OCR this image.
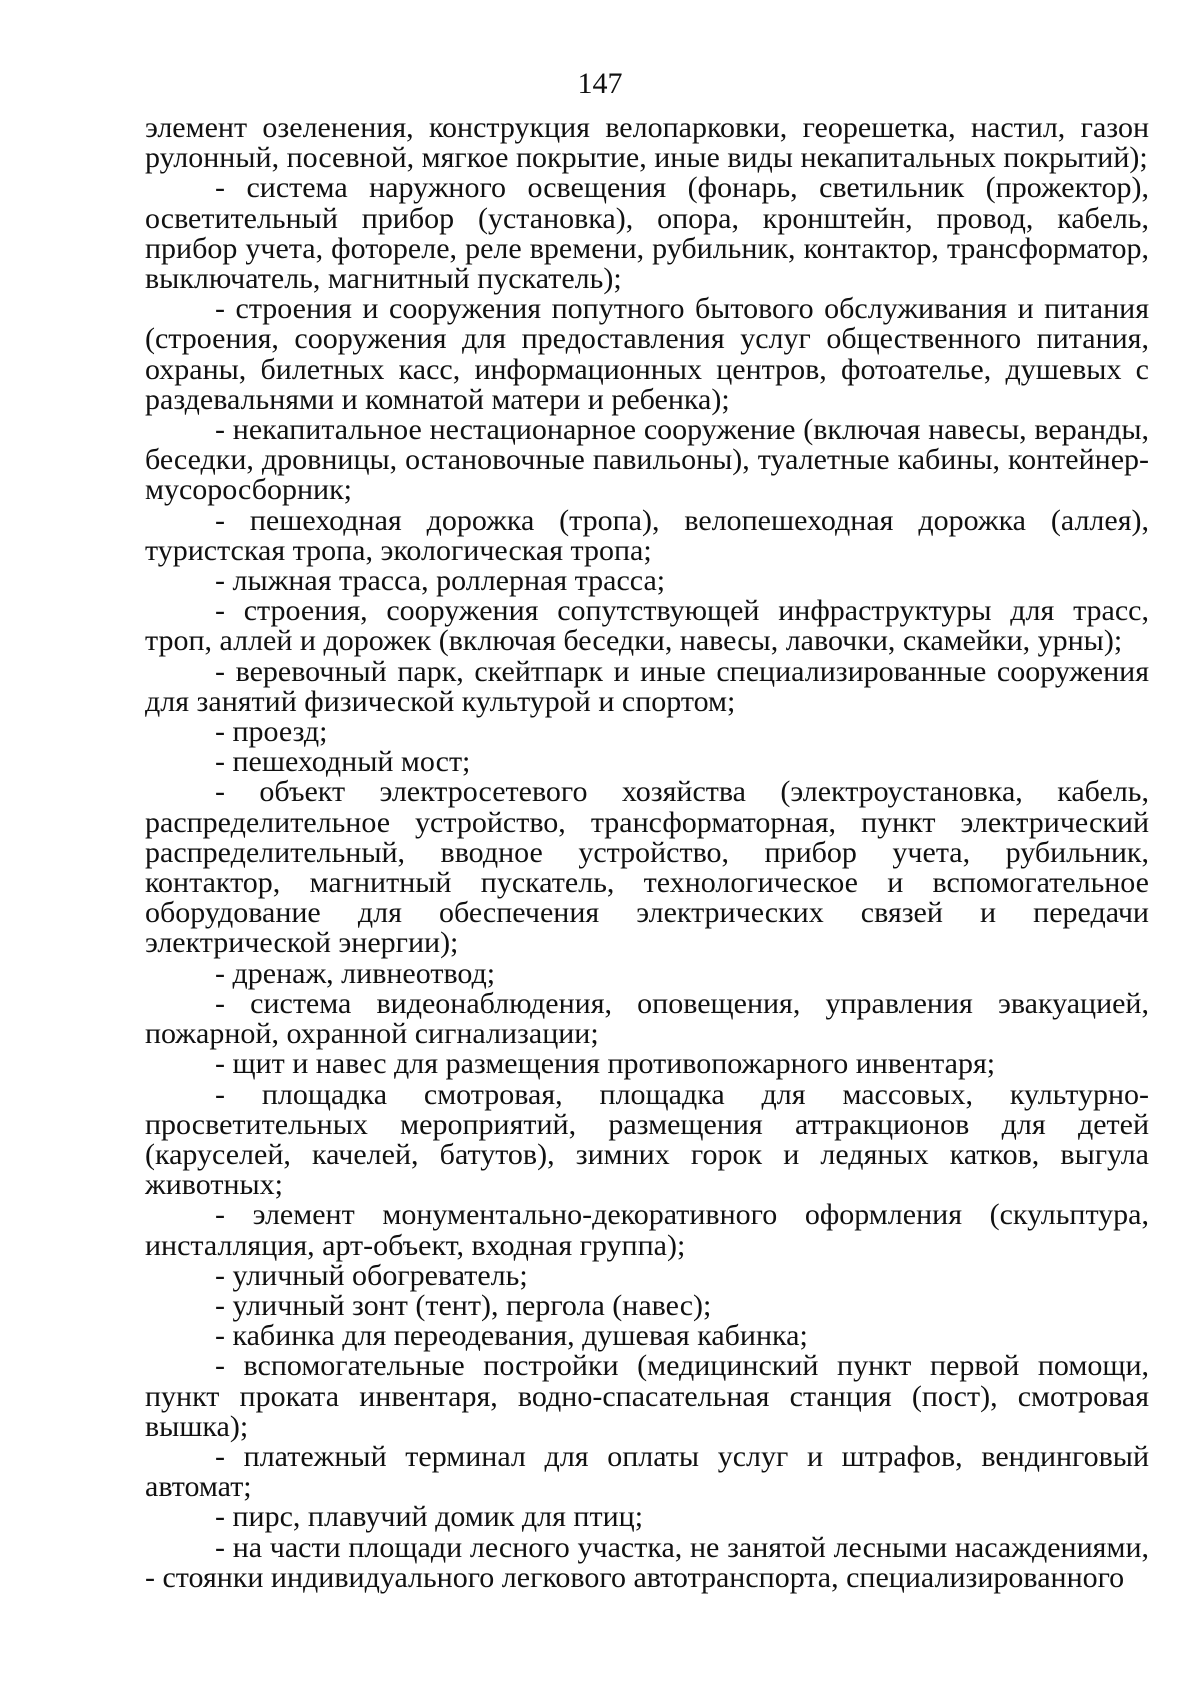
147

элемент озеленения, конструкция велопарковки, георешетка, настил, газон рулонный, посевной, мягкое покрытие, иные виды некапитальных покрытий);

- система наружного освещения (фонарь, светильник (прожектор), осветительный прибор (установка), опора, кронштейн, провод, кабель, прибор учета, фотореле, реле времени, рубильник, контактор, трансформатор, выключатель, магнитный пускатель);

- строения и сооружения попутного бытового обслуживания и питания (строения, сооружения для предоставления услуг общественного питания, охраны, билетных касс, информационных центров, фотоателье, душевых с раздевальнями и комнатой матери и ребенка);

- некапитальное нестационарное сооружение (включая навесы, веранды, беседки, дровницы, остановочные павильоны), туалетные кабины, контейнер-мусоросборник;

- пешеходная дорожка (тропа), велопешеходная дорожка (аллея), туристская тропа, экологическая тропа;

- лыжная трасса, роллерная трасса;

- строения, сооружения сопутствующей инфраструктуры для трасс, троп, аллей и дорожек (включая беседки, навесы, лавочки, скамейки, урны);

- веревочный парк, скейтпарк и иные специализированные сооружения для занятий физической культурой и спортом;

- проезд;

- пешеходный мост;

- объект электросетевого хозяйства (электроустановка, кабель, распределительное устройство, трансформаторная, пункт электрический распределительный, вводное устройство, прибор учета, рубильник, контактор, магнитный пускатель, технологическое и вспомогательное оборудование для обеспечения электрических связей и передачи электрической энергии);

- дренаж, ливнеотвод;

- система видеонаблюдения, оповещения, управления эвакуацией, пожарной, охранной сигнализации;

- щит и навес для размещения противопожарного инвентаря;

- площадка смотровая, площадка для массовых, культурно-просветительных мероприятий, размещения аттракционов для детей (каруселей, качелей, батутов), зимних горок и ледяных катков, выгула животных;

- элемент монументально-декоративного оформления (скульптура, инсталляция, арт-объект, входная группа);

- уличный обогреватель;

- уличный зонт (тент), пергола (навес);

- кабинка для переодевания, душевая кабинка;

- вспомогательные постройки (медицинский пункт первой помощи, пункт проката инвентаря, водно-спасательная станция (пост), смотровая вышка);

- платежный терминал для оплаты услуг и штрафов, вендинговый автомат;

- пирс, плавучий домик для птиц;

- на части площади лесного участка, не занятой лесными насаждениями, - стоянки индивидуального легкового автотранспорта, специализированного
